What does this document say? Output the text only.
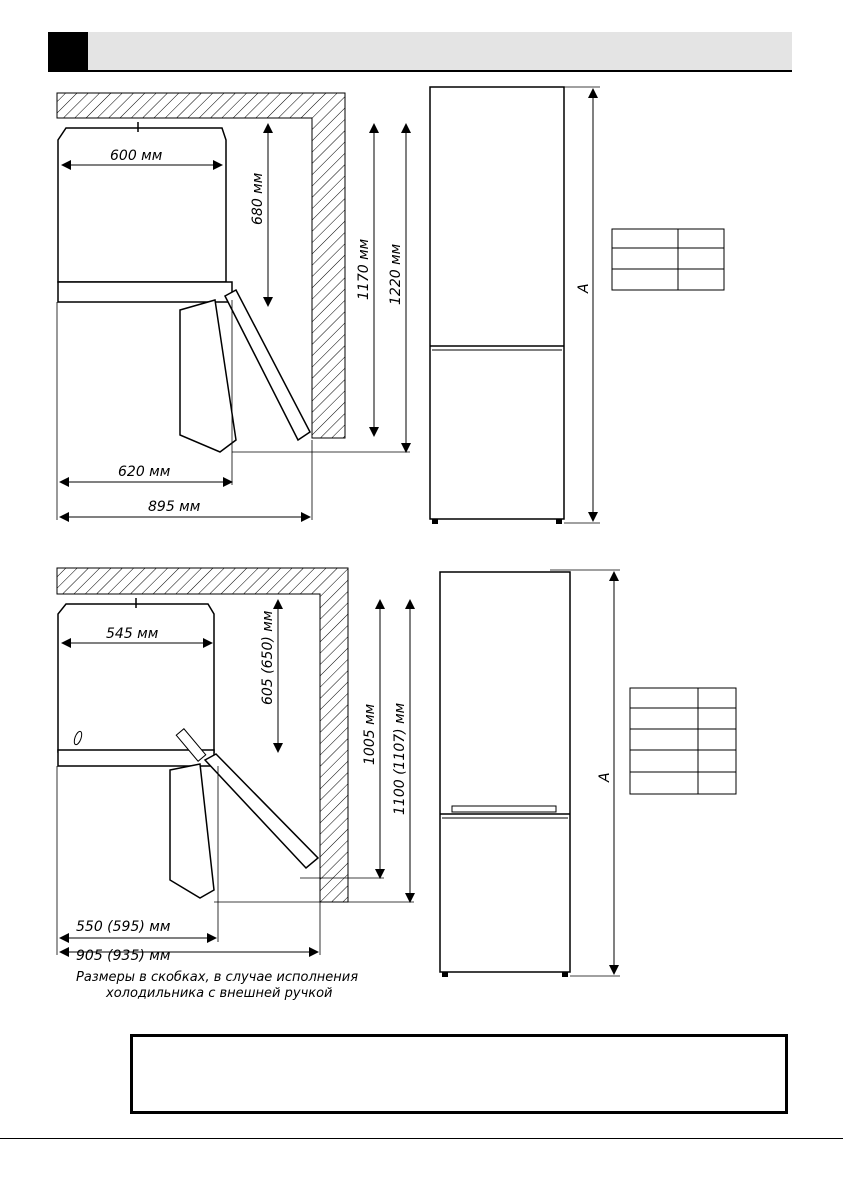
600 мм
680 мм
1170 мм 1220 мм
620 мм
895 мм
A
545 мм	605 (650) мм
1005 мм 1100 (1107) мм
550 (595) мм
905 (935) мм
Размеры в скобках, в случае исполнения
холодильника с внешней ручкой
A
